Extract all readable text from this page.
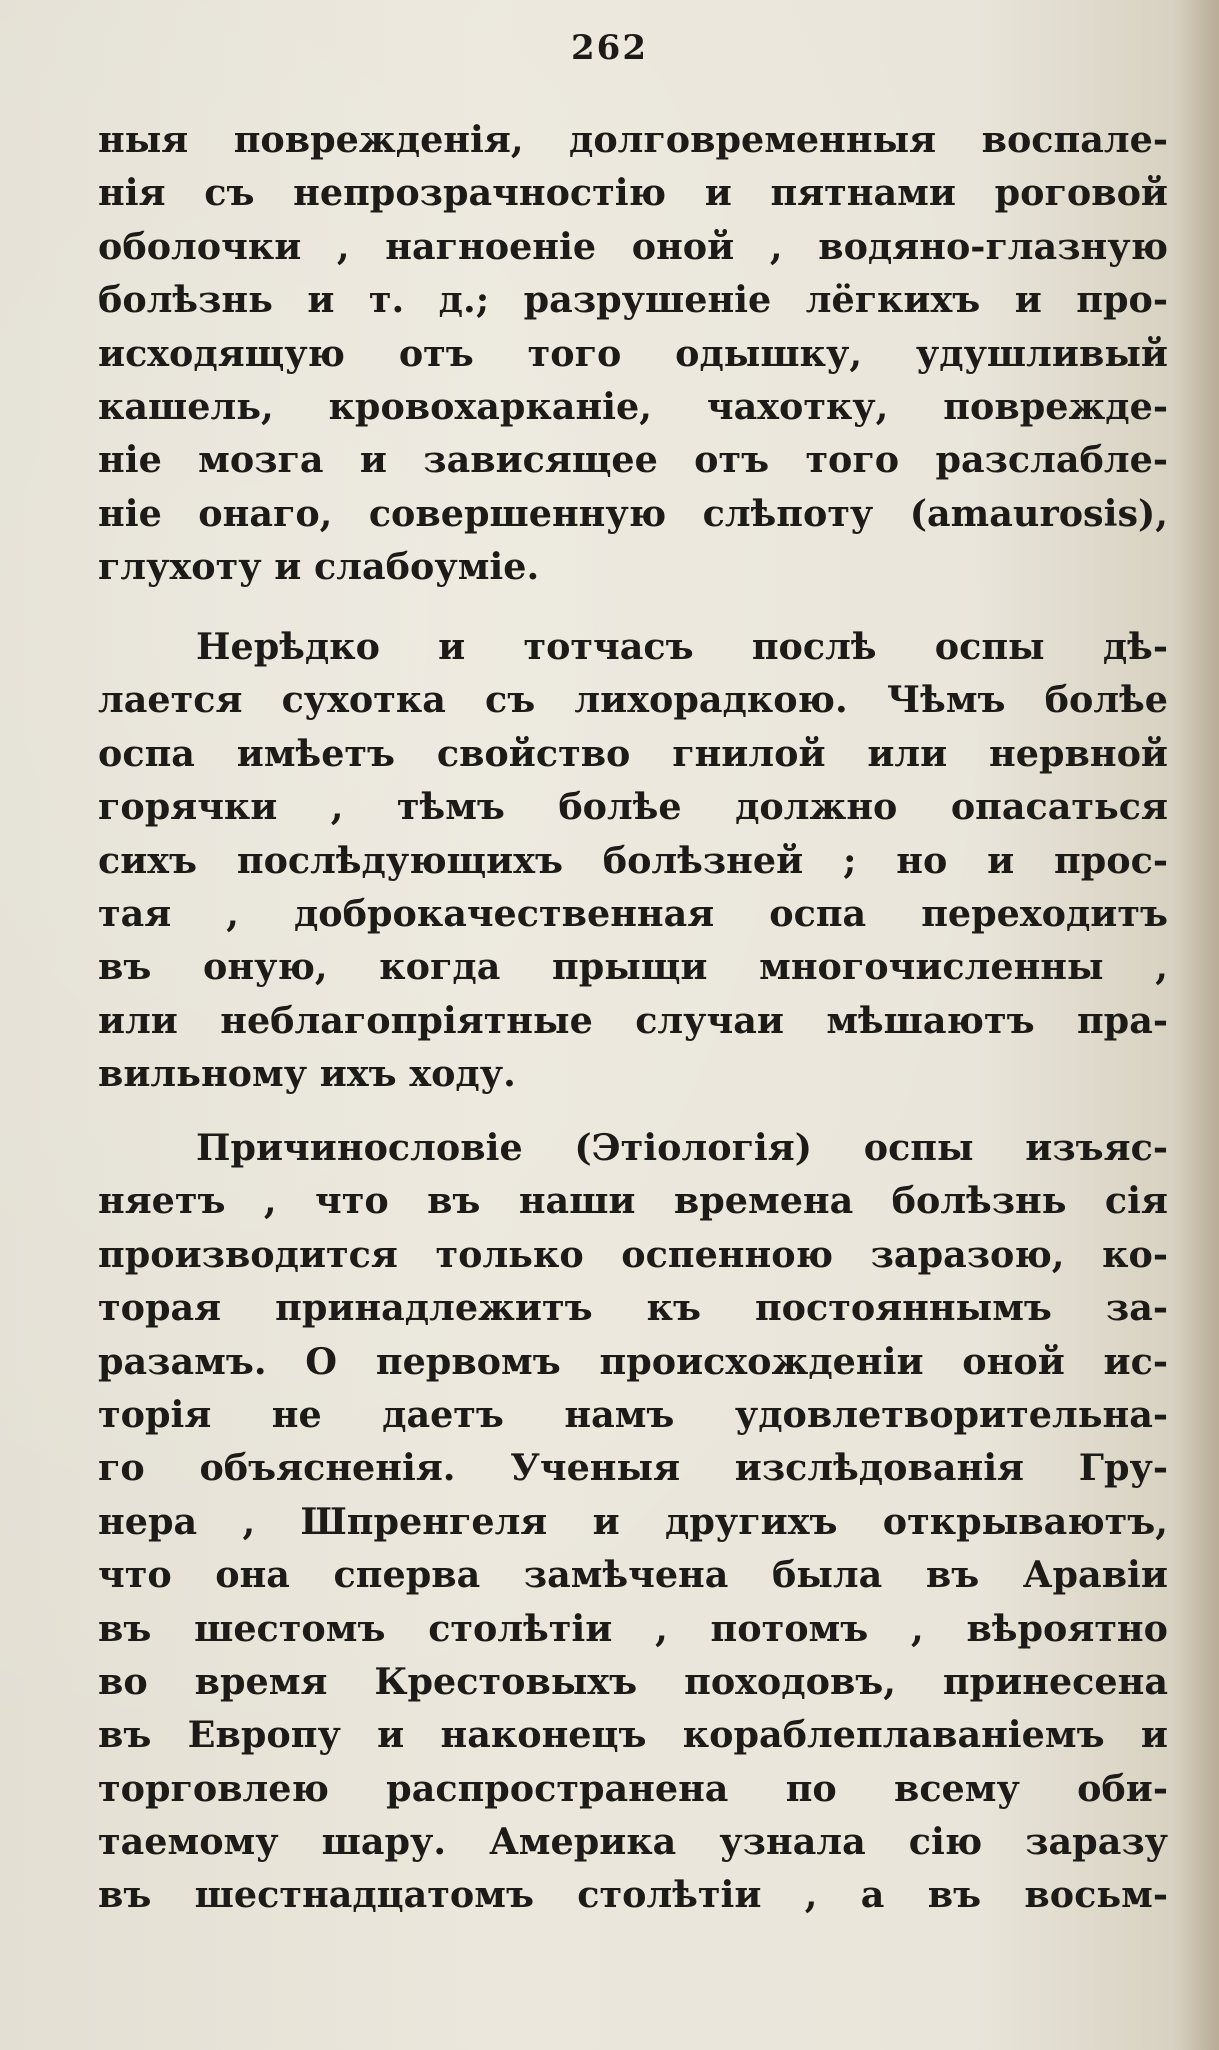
262
ныя поврежденія, долговременныя воспале-
нія съ непрозрачностію и пятнами роговой
оболочки , нагноеніе оной , водяно-глазную
болѣзнь и т. д.; разрушеніе лёгкихъ и про-
исходящую отъ того одышку, удушливый
кашель, кровохарканіе, чахотку, поврежде-
ніе мозга и зависящее отъ того разслабле-
ніе онаго, совершенную слѣпоту (amaurosis),
глухоту и слабоуміе.
Нерѣдко и тотчасъ послѣ оспы дѣ-
лается сухотка съ лихорадкою. Чѣмъ болѣе
оспа имѣетъ свойство гнилой или нервной
горячки , тѣмъ болѣе должно опасаться
сихъ послѣдующихъ болѣзней ; но и прос-
тая , доброкачественная оспа переходитъ
въ оную, когда прыщи многочисленны ,
или неблагопріятные случаи мѣшаютъ пра-
вильному ихъ ходу.
Причинословіе (Этіологія) оспы изъяс-
няетъ , что въ наши времена болѣзнь сія
производится только оспенною заразою, ко-
торая принадлежитъ къ постояннымъ за-
разамъ. О первомъ происхожденіи оной ис-
торія не даетъ намъ удовлетворительна-
го объясненія. Ученыя изслѣдованія Гру-
нера , Шпренгеля и другихъ открываютъ,
что она сперва замѣчена была въ Аравіи
въ шестомъ столѣтіи , потомъ , вѣроятно
во время Крестовыхъ походовъ, принесена
въ Европу и наконецъ кораблеплаваніемъ и
торговлею распространена по всему оби-
таемому шару. Америка узнала сію заразу
въ шестнадцатомъ столѣтіи , а въ восьм-
